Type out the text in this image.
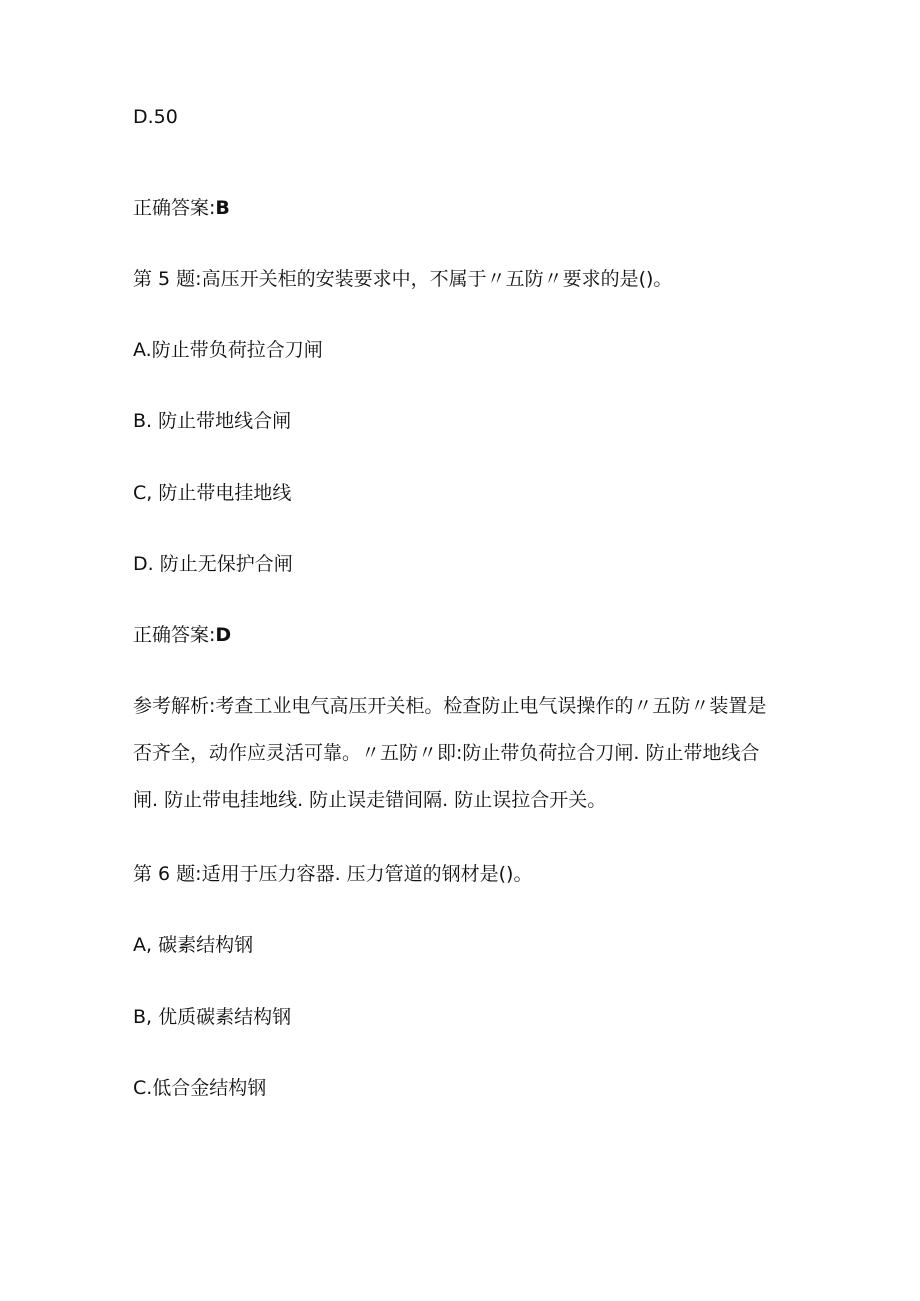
D.50
正确答案:B
第 5 题:高压开关柜的安装要求中，不属于〃五防〃要求的是()。
A.防止带负荷拉合刀闸
B. 防止带地线合闸
C, 防止带电挂地线
D. 防止无保护合闸
正确答案:D
参考解析:考查工业电气高压开关柜。检查防止电气误操作的〃五防〃装置是否齐全，动作应灵活可靠。〃五防〃即:防止带负荷拉合刀闸. 防止带地线合闸. 防止带电挂地线. 防止误走错间隔. 防止误拉合开关。
第 6 题:适用于压力容器. 压力管道的钢材是()。
A, 碳素结构钢
B, 优质碳素结构钢
C.低合金结构钢
